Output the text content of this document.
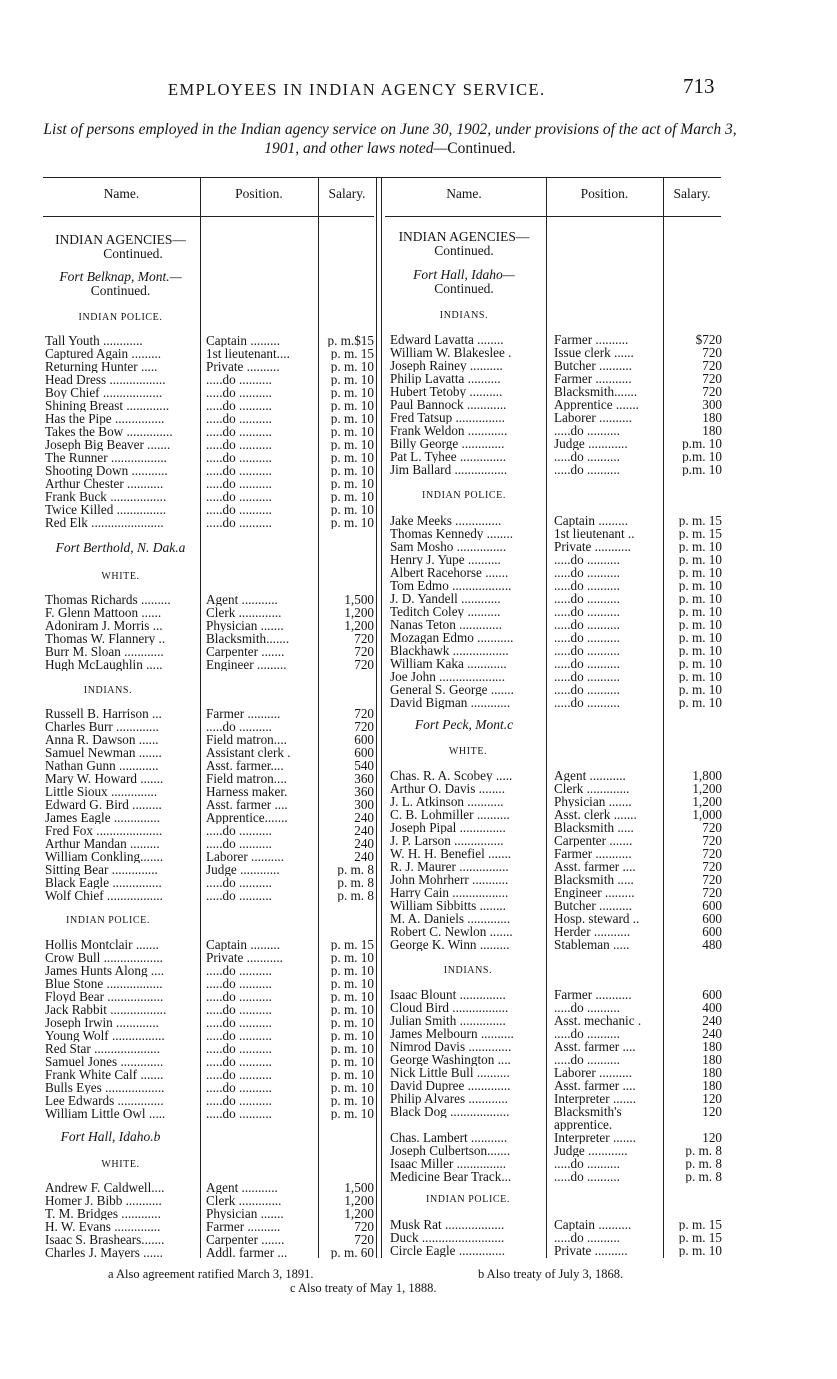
EMPLOYEES IN INDIAN AGENCY SERVICE.	713
List of persons employed in the Indian agency service on June 30, 1902, under provisions of the act of March 3, 1901, and other laws noted—Continued.
Name.	Position.	Salary.	Name.	Position.	Salary.
INDIAN AGENCIES—
Continued.
Fort Belknap, Mont.—
Continued.
INDIAN POLICE.
Fort Berthold, N. Dak.a
WHITE.
INDIANS.
INDIAN POLICE.
Fort Hall, Idaho.b
WHITE.
INDIAN AGENCIES—
Continued.
Fort Hall, Idaho—
Continued.
INDIANS.
INDIAN POLICE.
Fort Peck, Mont.c
WHITE.
INDIANS.
INDIAN POLICE.
Tall Youth ............	Captain .........	p. m.$15
Captured Again .........	1st lieutenant....	p. m. 15
Returning Hunter .....	Private ..........	p. m. 10
Head Dress .................	.....do ..........	p. m. 10
Boy Chief ..................	.....do ..........	p. m. 10
Shining Breast .............	.....do ..........	p. m. 10
Has the Pipe ...............	.....do ..........	p. m. 10
Takes the Bow ..............	.....do ..........	p. m. 10
Joseph Big Beaver .......	.....do ..........	p. m. 10
The Runner .................	.....do ..........	p. m. 10
Shooting Down ...........	.....do ..........	p. m. 10
Arthur Chester ...........	.....do ..........	p. m. 10
Frank Buck .................	.....do ..........	p. m. 10
Twice Killed ...............	.....do ..........	p. m. 10
Red Elk ......................	.....do ..........	p. m. 10
Thomas Richards .........	Agent ...........	1,500
F. Glenn Mattoon ......	Clerk .............	1,200
Adoniram J. Morris ...	Physician .......	1,200
Thomas W. Flannery ..	Blacksmith.......	720
Burr M. Sloan ............	Carpenter .......	720
Hugh McLaughlin .....	Engineer .........	720
Russell B. Harrison ...	Farmer ..........	720
Charles Burr .............	.....do ..........	720
Anna R. Dawson ......	Field matron....	600
Samuel Newman .......	Assistant clerk .	600
Nathan Gunn ............	Asst. farmer....	540
Mary W. Howard .......	Field matron....	360
Little Sioux ..............	Harness maker.	360
Edward G. Bird .........	Asst. farmer ....	300
James Eagle ..............	Apprentice.......	240
Fred Fox ....................	.....do ..........	240
Arthur Mandan .........	.....do ..........	240
William Conkling.......	Laborer ..........	240
Sitting Bear ..............	Judge ............	p. m. 8
Black Eagle ...............	.....do ..........	p. m. 8
Wolf Chief .................	.....do ..........	p. m. 8
Hollis Montclair .......	Captain .........	p. m. 15
Crow Bull ..................	Private ...........	p. m. 10
James Hunts Along ....	.....do ..........	p. m. 10
Blue Stone .................	.....do ..........	p. m. 10
Floyd Bear .................	.....do ..........	p. m. 10
Jack Rabbit .................	.....do ..........	p. m. 10
Joseph Irwin .............	.....do ..........	p. m. 10
Young Wolf ................	.....do ..........	p. m. 10
Red Star ....................	.....do ..........	p. m. 10
Samuel Jones .............	.....do ..........	p. m. 10
Frank White Calf .......	.....do ..........	p. m. 10
Bulls Eyes ..................	.....do ..........	p. m. 10
Lee Edwards ..............	.....do ..........	p. m. 10
William Little Owl .....	.....do ..........	p. m. 10
Andrew F. Caldwell....	Agent ...........	1,500
Homer J. Bibb ...........	Clerk .............	1,200
T. M. Bridges ............	Physician .......	1,200
H. W. Evans ..............	Farmer ..........	720
Isaac S. Brashears.......	Carpenter .......	720
Charles J. Mayers ......	Addl. farmer ...	p. m. 60
Edward Lavatta ........	Farmer ..........	$720
William W. Blakeslee .	Issue clerk ......	720
Joseph Rainey ..........	Butcher ..........	720
Philip Lavatta ..........	Farmer ...........	720
Hubert Tetoby ..........	Blacksmith.......	720
Paul Bannock ............	Apprentice .......	300
Fred Tatsup ...............	Laborer ..........	180
Frank Weldon ............	.....do ..........	180
Billy George .............	Judge ............	p.m. 10
Pat L. Tyhee ..............	.....do ..........	p.m. 10
Jim Ballard ................	.....do ..........	p.m. 10
Jake Meeks ..............	Captain .........	p. m. 15
Thomas Kennedy ........	1st lieutenant ..	p. m. 15
Sam Mosho ...............	Private ...........	p. m. 10
Henry J. Yupe ..........	.....do ..........	p. m. 10
Albert Racehorse .......	.....do ..........	p. m. 10
Tom Edmo ..................	.....do ..........	p. m. 10
J. D. Yandell ............	.....do ..........	p. m. 10
Teditch Coley ..........	.....do ..........	p. m. 10
Nanas Teton .............	.....do ..........	p. m. 10
Mozagan Edmo ...........	.....do ..........	p. m. 10
Blackhawk .................	.....do ..........	p. m. 10
William Kaka ............	.....do ..........	p. m. 10
Joe John ....................	.....do ..........	p. m. 10
General S. George .......	.....do ..........	p. m. 10
David Bigman ............	.....do ..........	p. m. 10
Chas. R. A. Scobey .....	Agent ...........	1,800
Arthur O. Davis ........	Clerk .............	1,200
J. L. Atkinson ...........	Physician .......	1,200
C. B. Lohmiller ..........	Asst. clerk .......	1,000
Joseph Pipal ..............	Blacksmith .....	720
J. P. Larson ...............	Carpenter .......	720
W. H. H. Benefiel .......	Farmer ...........	720
R. J. Maurer ...............	Asst. farmer ....	720
John Mohrherr ...........	Blacksmith .....	720
Harry Cain .................	Engineer .........	720
William Sibbitts ........	Butcher ..........	600
M. A. Daniels .............	Hosp. steward ..	600
Robert C. Newlon .......	Herder ...........	600
George K. Winn .........	Stableman .....	480
Isaac Blount ..............	Farmer ...........	600
Cloud Bird .................	.....do ..........	400
Julian Smith ..............	Asst. mechanic .	240
James Melbourn ..........	.....do ..........	240
Nimrod Davis .............	Asst. farmer ....	180
George Washington ....	.....do ..........	180
Nick Little Bull ..........	Laborer ..........	180
David Dupree .............	Asst. farmer ....	180
Philip Alvares ............	Interpreter .......	120
Black Dog ..................	Blacksmith's	120
apprentice.
Chas. Lambert ...........	Interpreter .......	120
Joseph Culbertson.......	Judge ............	p. m. 8
Isaac Miller ...............	.....do ..........	p. m. 8
Medicine Bear Track...	.....do ..........	p. m. 8
Musk Rat ..................	Captain ..........	p. m. 15
Duck .........................	.....do ..........	p. m. 15
Circle Eagle ..............	Private ..........	p. m. 10
a Also agreement ratified March 3, 1891.	b Also treaty of July 3, 1868.
c Also treaty of May 1, 1888.
